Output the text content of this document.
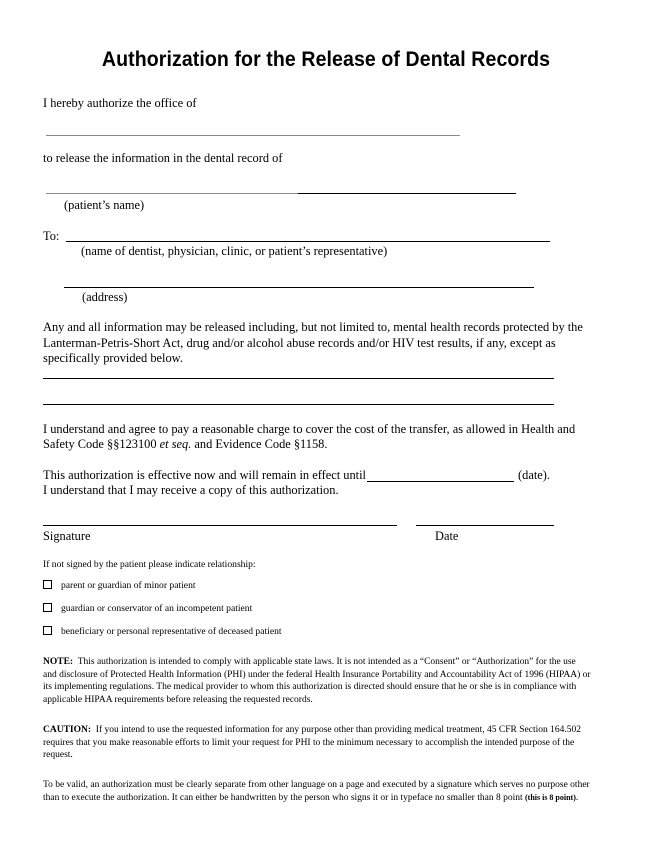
Authorization for the Release of Dental Records
I hereby authorize the office of
to release the information in the dental record of
(patient’s name)
To:
(name of dentist, physician, clinic, or patient’s representative)
(address)
Any and all information may be released including, but not limited to, mental health records protected by the
Lanterman-Petris-Short Act, drug and/or alcohol abuse records and/or HIV test results, if any, except as
specifically provided below.
I understand and agree to pay a reasonable charge to cover the cost of the transfer, as allowed in Health and
Safety Code §§123100 et seq. and Evidence Code §1158.
This authorization is effective now and will remain in effect until	(date).
I understand that I may receive a copy of this authorization.
Signature	Date
If not signed by the patient please indicate relationship:
parent or guardian of minor patient
guardian or conservator of an incompetent patient
beneficiary or personal representative of deceased patient
NOTE: This authorization is intended to comply with applicable state laws. It is not intended as a “Consent” or “Authorization” for the use and disclosure of Protected Health Information (PHI) under the federal Health Insurance Portability and Accountability Act of 1996 (HIPAA) or its implementing regulations. The medical provider to whom this authorization is directed should ensure that he or she is in compliance with applicable HIPAA requirements before releasing the requested records.
CAUTION: If you intend to use the requested information for any purpose other than providing medical treatment, 45 CFR Section 164.502 requires that you make reasonable efforts to limit your request for PHI to the minimum necessary to accomplish the intended purpose of the request.
To be valid, an authorization must be clearly separate from other language on a page and executed by a signature which serves no purpose other than to execute the authorization. It can either be handwritten by the person who signs it or in typeface no smaller than 8 point (this is 8 point).
